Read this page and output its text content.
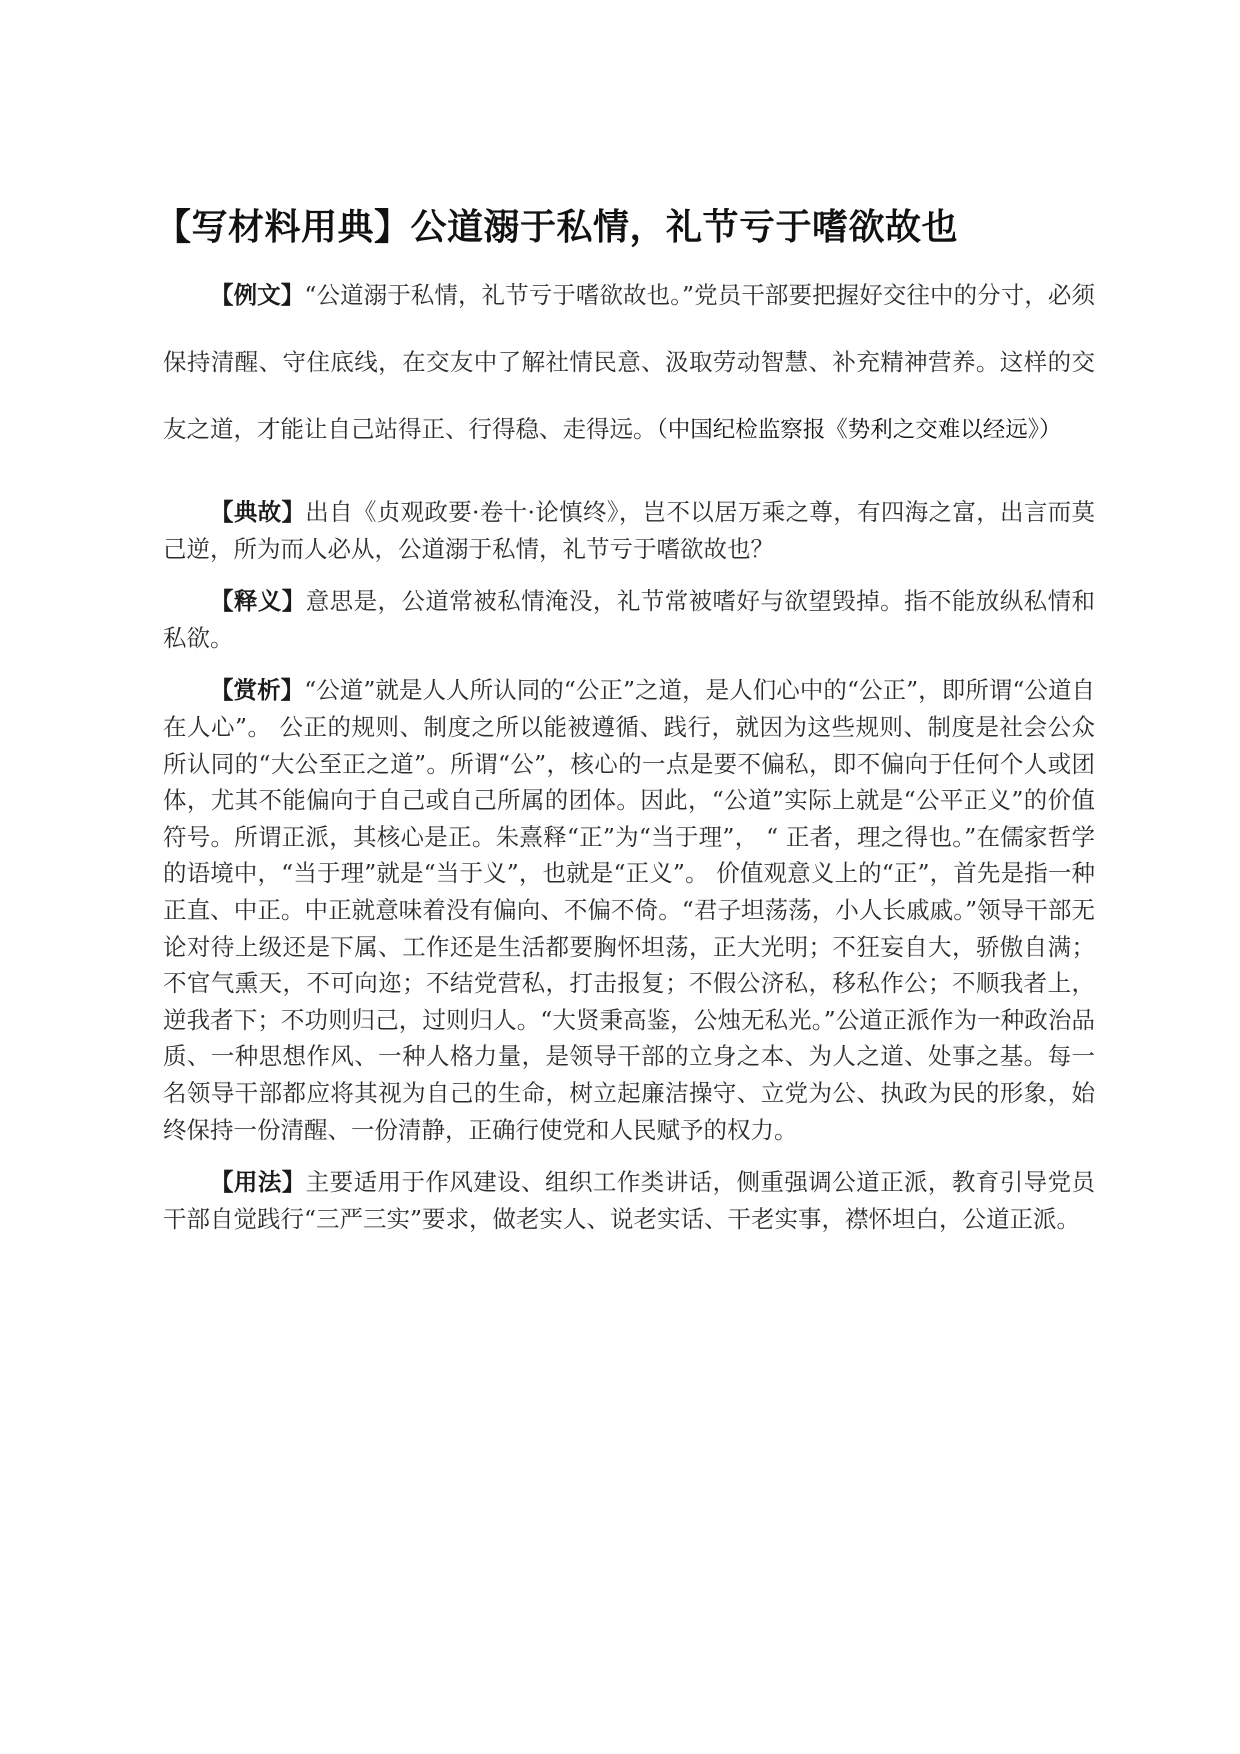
【写材料用典】公道溺于私情，礼节亏于嗜欲故也

【例文】“公道溺于私情，礼节亏于嗜欲故也。”党员干部要把握好交往中的分寸，必须保持清醒、守住底线，在交友中了解社情民意、汲取劳动智慧、补充精神营养。这样的交友之道，才能让自己站得正、行得稳、走得远。（中国纪检监察报《势利之交难以经远》）

【典故】出自《贞观政要·卷十·论慎终》，岂不以居万乘之尊，有四海之富，出言而莫己逆，所为而人必从，公道溺于私情，礼节亏于嗜欲故也？

【释义】意思是，公道常被私情淹没，礼节常被嗜好与欲望毁掉。指不能放纵私情和私欲。

【赏析】“公道”就是人人所认同的“公正”之道，是人们心中的“公正”，即所谓“公道自在人心”。 公正的规则、制度之所以能被遵循、践行，就因为这些规则、制度是社会公众所认同的“大公至正之道”。所谓“公”，核心的一点是要不偏私，即不偏向于任何个人或团体，尤其不能偏向于自己或自己所属的团体。因此，“公道”实际上就是“公平正义”的价值符号。所谓正派，其核心是正。朱熹释“正”为“当于理”， “ 正者，理之得也。”在儒家哲学的语境中，“当于理”就是“当于义”，也就是“正义”。 价值观意义上的“正”，首先是指一种正直、中正。中正就意味着没有偏向、不偏不倚。“君子坦荡荡，小人长戚戚。”领导干部无论对待上级还是下属、工作还是生活都要胸怀坦荡，正大光明；不狂妄自大，骄傲自满；不官气熏天，不可向迩；不结党营私，打击报复；不假公济私，移私作公；不顺我者上，逆我者下；不功则归己，过则归人。“大贤秉高鉴，公烛无私光。”公道正派作为一种政治品质、一种思想作风、一种人格力量，是领导干部的立身之本、为人之道、处事之基。每一名领导干部都应将其视为自己的生命，树立起廉洁操守、立党为公、执政为民的形象，始终保持一份清醒、一份清静，正确行使党和人民赋予的权力。

【用法】主要适用于作风建设、组织工作类讲话，侧重强调公道正派，教育引导党员干部自觉践行“三严三实”要求，做老实人、说老实话、干老实事，襟怀坦白，公道正派。
